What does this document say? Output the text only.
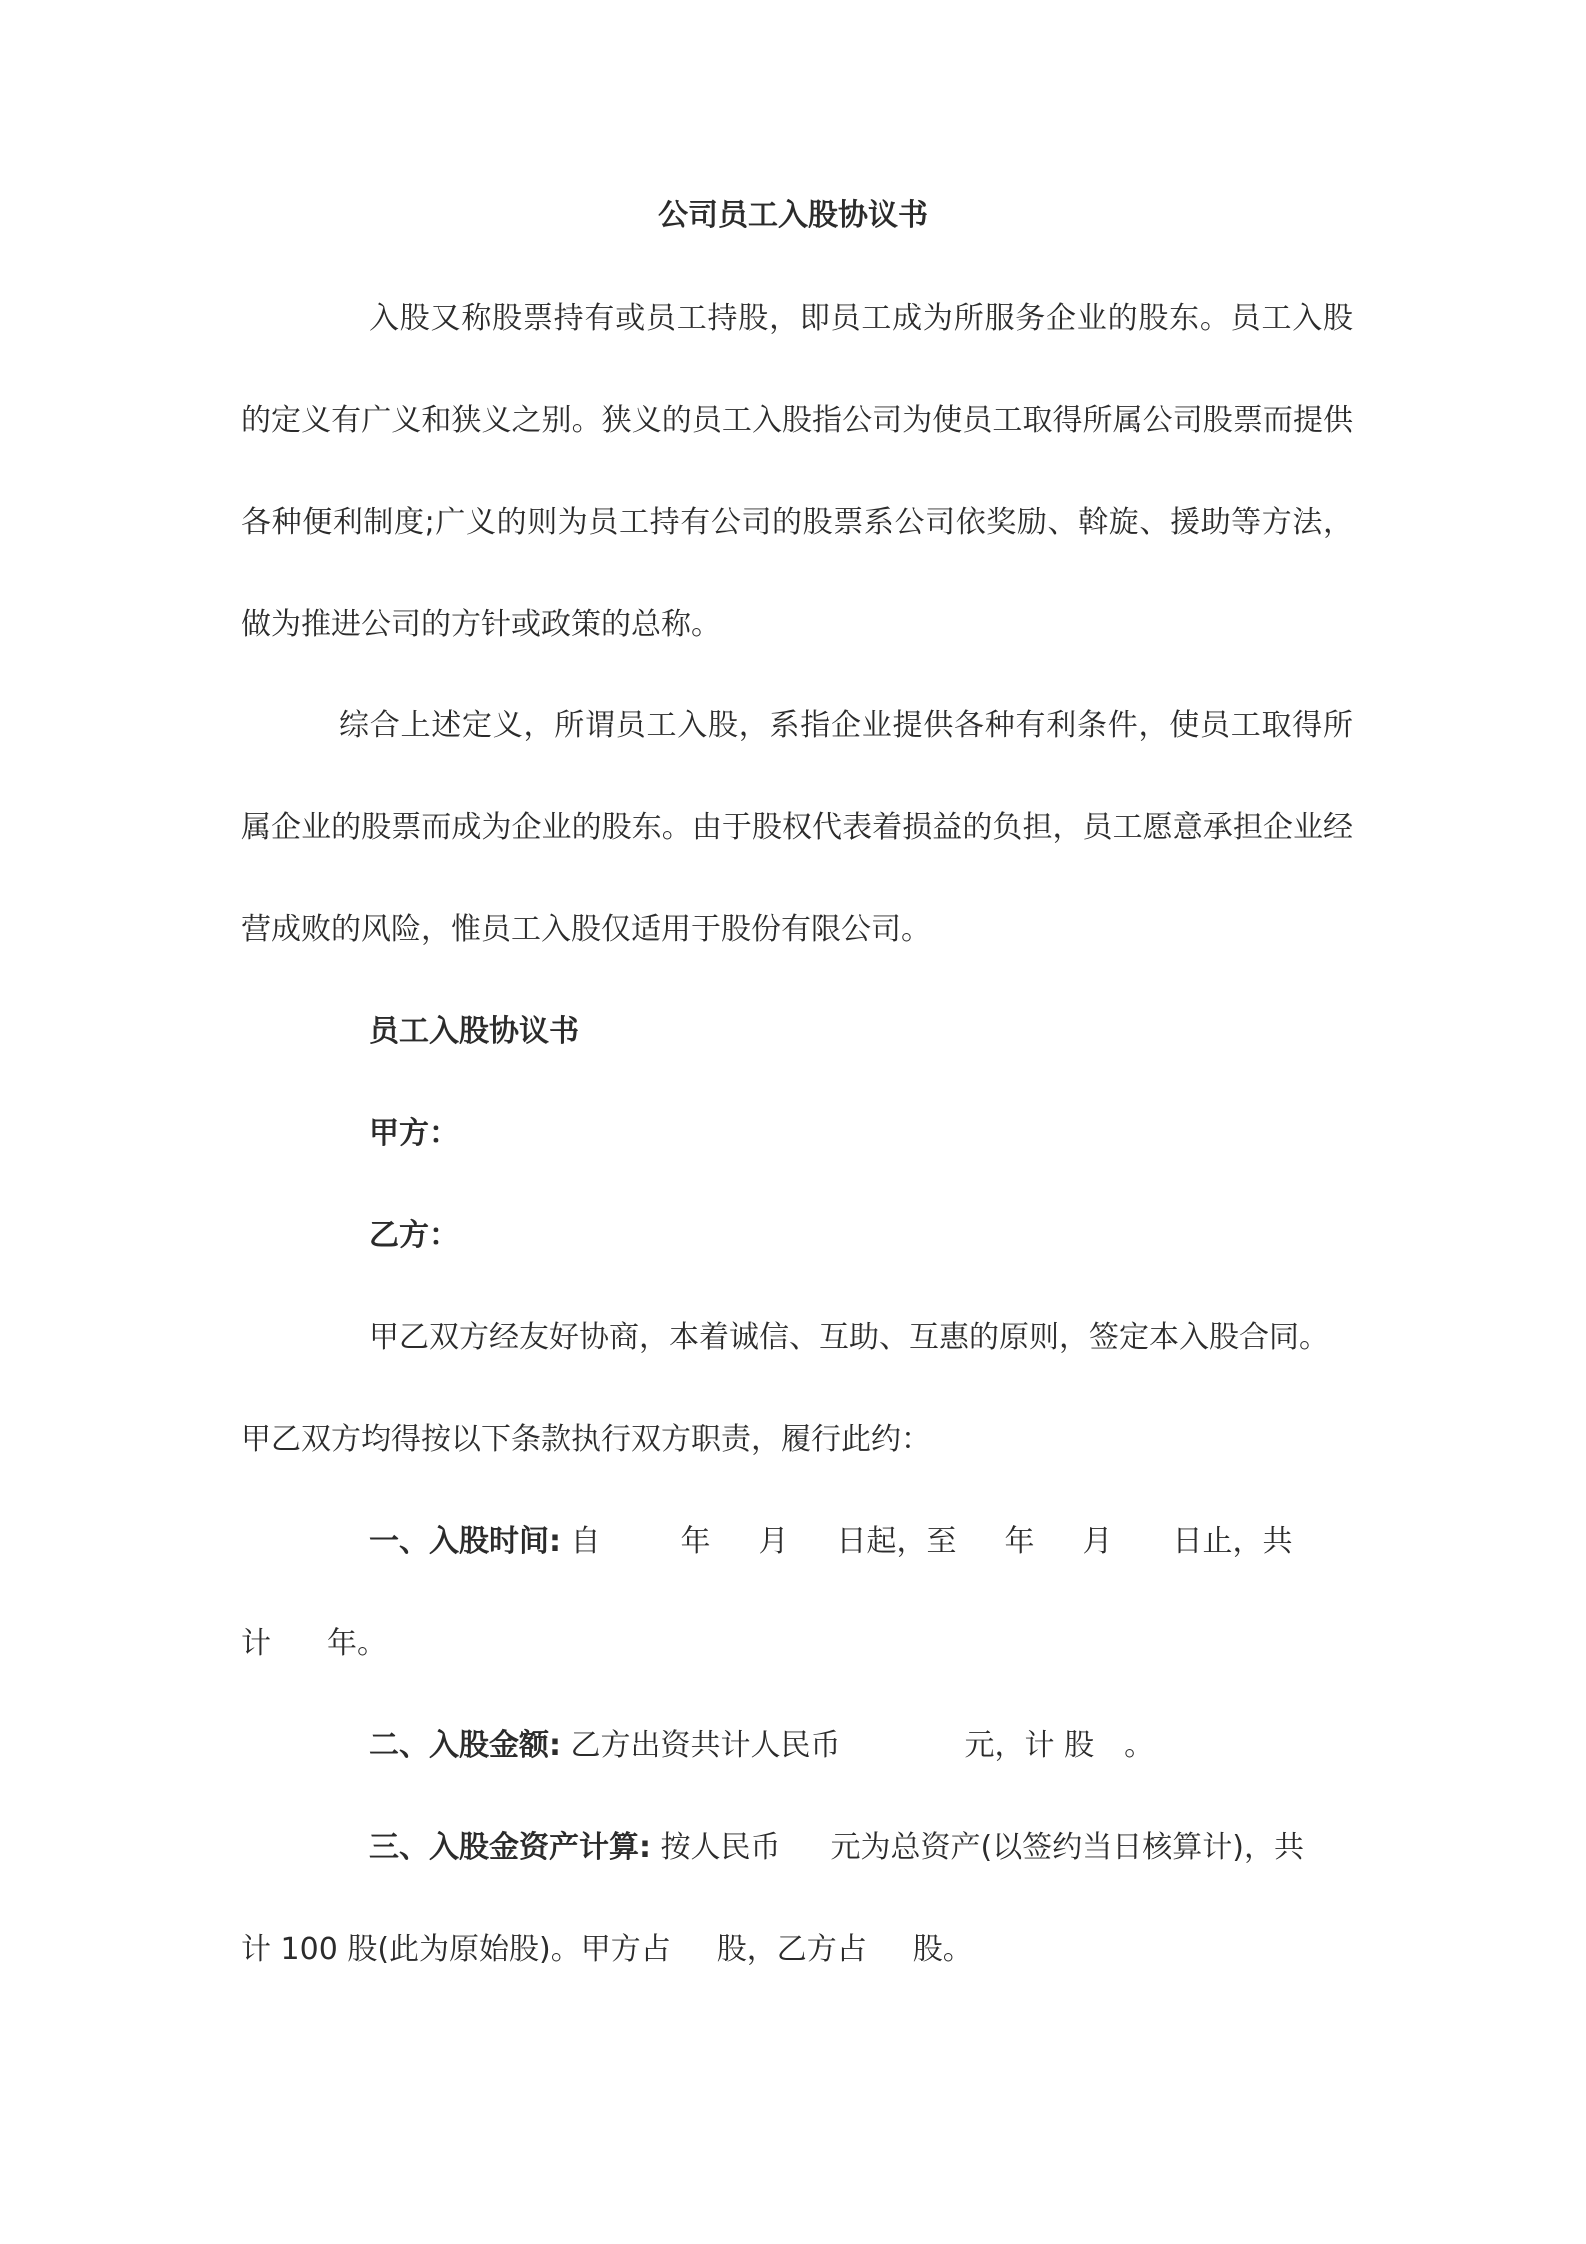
公司员工入股协议书
入股又称股票持有或员工持股，即员工成为所服务企业的股东。员工入股的定义有广义和狭义之别。狭义的员工入股指公司为使员工取得所属公司股票而提供各种便利制度;广义的则为员工持有公司的股票系公司依奖励、斡旋、援助等方法，做为推进公司的方针或政策的总称。
综合上述定义，所谓员工入股，系指企业提供各种有利条件，使员工取得所属企业的股票而成为企业的股东。由于股权代表着损益的负担，员工愿意承担企业经营成败的风险，惟员工入股仅适用于股份有限公司。
员工入股协议书
甲方：
乙方：
甲乙双方经友好协商，本着诚信、互助、互惠的原则，签定本入股合同。
甲乙双方均得按以下条款执行双方职责，履行此约：
一、入股时间: 自	年 月 日起，至 年 月 日止，共
计 年。
二、入股金额: 乙方出资共计人民币	元，计 股 。
三、入股金资产计算: 按人民币 元为总资产(以签约当日核算计)，共
计 100 股(此为原始股)。甲方占 股，乙方占 股。
